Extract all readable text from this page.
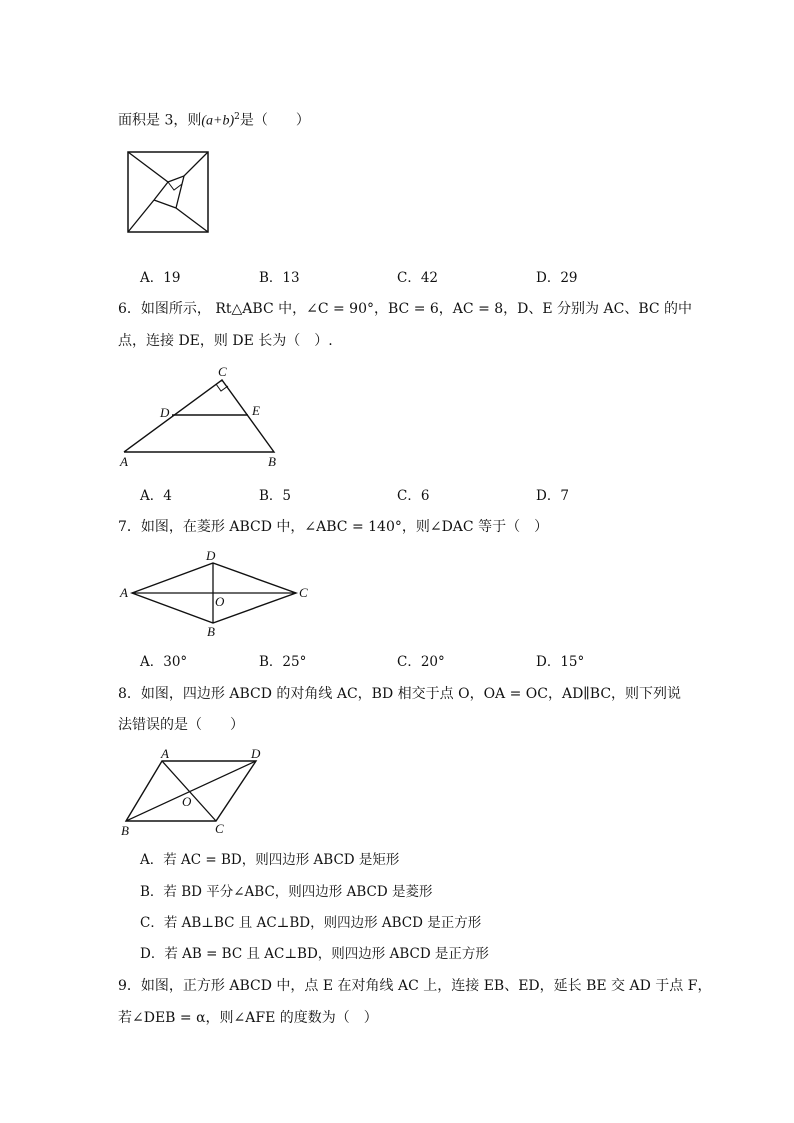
面积是 3，则$(a+b)^2$是（　　）
A．19	B．13	C．42	D．29
6．如图所示， Rt△ABC 中，∠C = 90°，BC = 6，AC = 8，D、E 分别为 AC、BC 的中
点，连接 DE，则 DE 长为（　）.
C
D	E
A	B
A．4	B．5	C．6	D．7
7．如图，在菱形 ABCD 中，∠ABC = 140°，则∠DAC 等于（　）
D
A	C
O
B
A．30°	B．25°	C．20°	D．15°
8．如图，四边形 ABCD 的对角线 AC，BD 相交于点 O，OA = OC，AD∥BC，则下列说
法错误的是（　　）
A	D
O
B	C
A．若 AC = BD，则四边形 ABCD 是矩形
B．若 BD 平分∠ABC，则四边形 ABCD 是菱形
C．若 AB⊥BC 且 AC⊥BD，则四边形 ABCD 是正方形
D．若 AB = BC 且 AC⊥BD，则四边形 ABCD 是正方形
9．如图，正方形 ABCD 中，点 E 在对角线 AC 上，连接 EB、ED，延长 BE 交 AD 于点 F，
若∠DEB = α，则∠AFE 的度数为（　）
